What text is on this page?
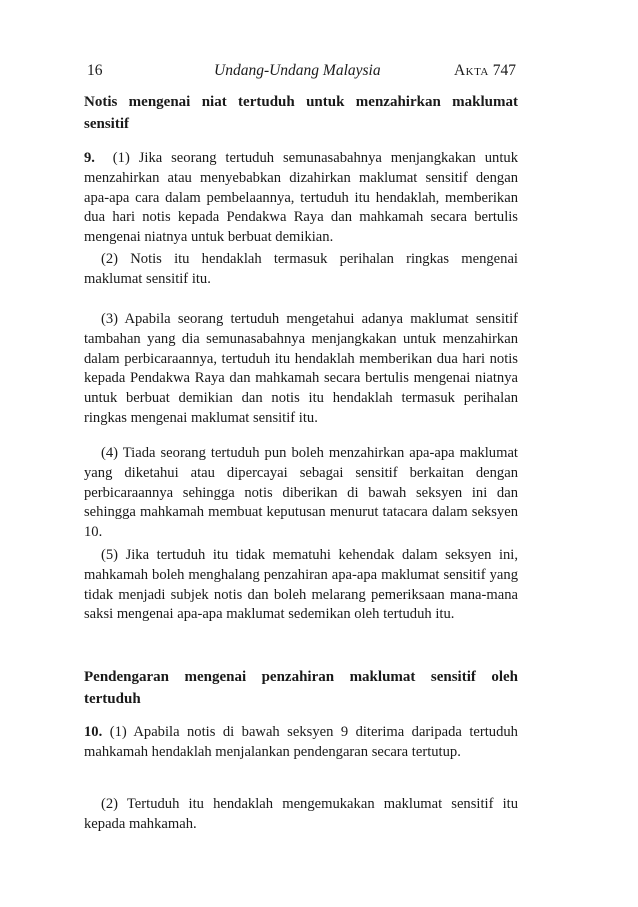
16	Undang-Undang Malaysia	Akta 747
Notis mengenai niat tertuduh untuk menzahirkan maklumat sensitif
9. (1) Jika seorang tertuduh semunasabahnya menjangkakan untuk menzahirkan atau menyebabkan dizahirkan maklumat sensitif dengan apa-apa cara dalam pembelaannya, tertuduh itu hendaklah, memberikan dua hari notis kepada Pendakwa Raya dan mahkamah secara bertulis mengenai niatnya untuk berbuat demikian.
(2) Notis itu hendaklah termasuk perihalan ringkas mengenai maklumat sensitif itu.
(3) Apabila seorang tertuduh mengetahui adanya maklumat sensitif tambahan yang dia semunasabahnya menjangkakan untuk menzahirkan dalam perbicaraannya, tertuduh itu hendaklah memberikan dua hari notis kepada Pendakwa Raya dan mahkamah secara bertulis mengenai niatnya untuk berbuat demikian dan notis itu hendaklah termasuk perihalan ringkas mengenai maklumat sensitif itu.
(4) Tiada seorang tertuduh pun boleh menzahirkan apa-apa maklumat yang diketahui atau dipercayai sebagai sensitif berkaitan dengan perbicaraannya sehingga notis diberikan di bawah seksyen ini dan sehingga mahkamah membuat keputusan menurut tatacara dalam seksyen 10.
(5) Jika tertuduh itu tidak mematuhi kehendak dalam seksyen ini, mahkamah boleh menghalang penzahiran apa-apa maklumat sensitif yang tidak menjadi subjek notis dan boleh melarang pemeriksaan mana-mana saksi mengenai apa-apa maklumat sedemikan oleh tertuduh itu.
Pendengaran mengenai penzahiran maklumat sensitif oleh tertuduh
10. (1) Apabila notis di bawah seksyen 9 diterima daripada tertuduh mahkamah hendaklah menjalankan pendengaran secara tertutup.
(2) Tertuduh itu hendaklah mengemukakan maklumat sensitif itu kepada mahkamah.
